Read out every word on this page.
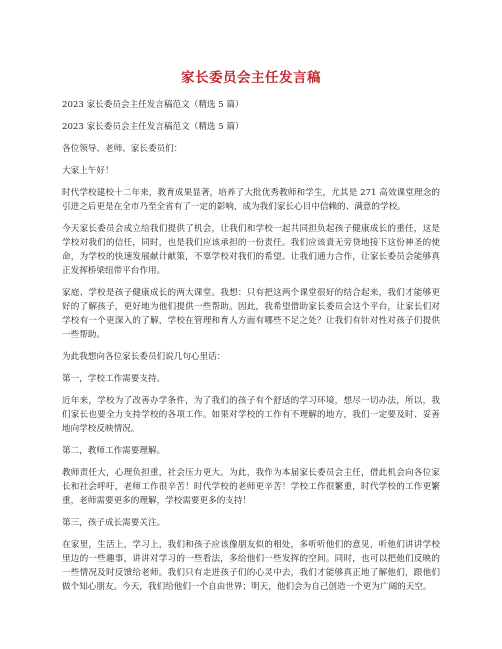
家长委员会主任发言稿

2023 家长委员会主任发言稿范文（精选 5 篇）

2023 家长委员会主任发言稿范文（精选 5 篇）

各位领导、老师、家长委员们：

大家上午好！

时代学校建校十二年来，教育成果显著，培养了大批优秀教师和学生，尤其是 271 高效课堂理念的引进之后更是在全市乃至全省有了一定的影响，成为我们家长心目中信赖的、满意的学校。

今天家长委员会成立给我们提供了机会，让我们和学校一起共同担负起孩子健康成长的重任，这是学校对我们的信任，同时，也是我们应该承担的一份责任。我们应该責无旁贷地接下这份神圣的使命，为学校的快速发展献计献策，不辜学校对我们的希望。让我们通力合作，让家长委员会能够真正发挥桥梁纽带平台作用。

家庭、学校是孩子健康成长的两大课堂。我想：只有把这两个课堂很好的结合起来，我们才能够更好的了解孩子，更好地为他们提供一些帮助。因此，我希望借助家长委员会这个平台，让家长们对学校有一个更深入的了解，学校在管理和育人方面有哪些不足之处？让我们有针对性对孩子们提供一些帮助。

为此我想向各位家长委员们说几句心里话：

第一，学校工作需要支持。

近年来，学校为了改善办学条件，为了我们的孩子有个舒适的学习环境，想尽一切办法，所以，我们家长也要全力支持学校的各项工作。如果对学校的工作有不理解的地方，我们一定要及时、妥善地向学校反映情况。

第二，教师工作需要理解。

教师责任大，心理负担重，社会压力更大。为此，我作为本届家长委员会主任，借此机会向各位家长和社会呼吁，老师工作很辛苦！时代学校的老师更辛苦！学校工作很繁重，时代学校的工作更繁重，老师需要更多的理解，学校需要更多的支持！

第三，孩子成长需要关注。

在家里，生活上，学习上，我们和孩子应该像朋友似的相处，多听听他们的意见，听他们讲讲学校里边的一些趣事，讲讲对学习的一些看法，多给他们一些发挥的空间。同时，也可以把他们反映的一些情况及时反馈给老师。我们只有走进孩子们的心灵中去，我们才能够真正地了解他们，跟他们做个知心朋友。今天，我们给他们一个自由世界；明天，他们会为自己创造一个更为广阔的天空。
